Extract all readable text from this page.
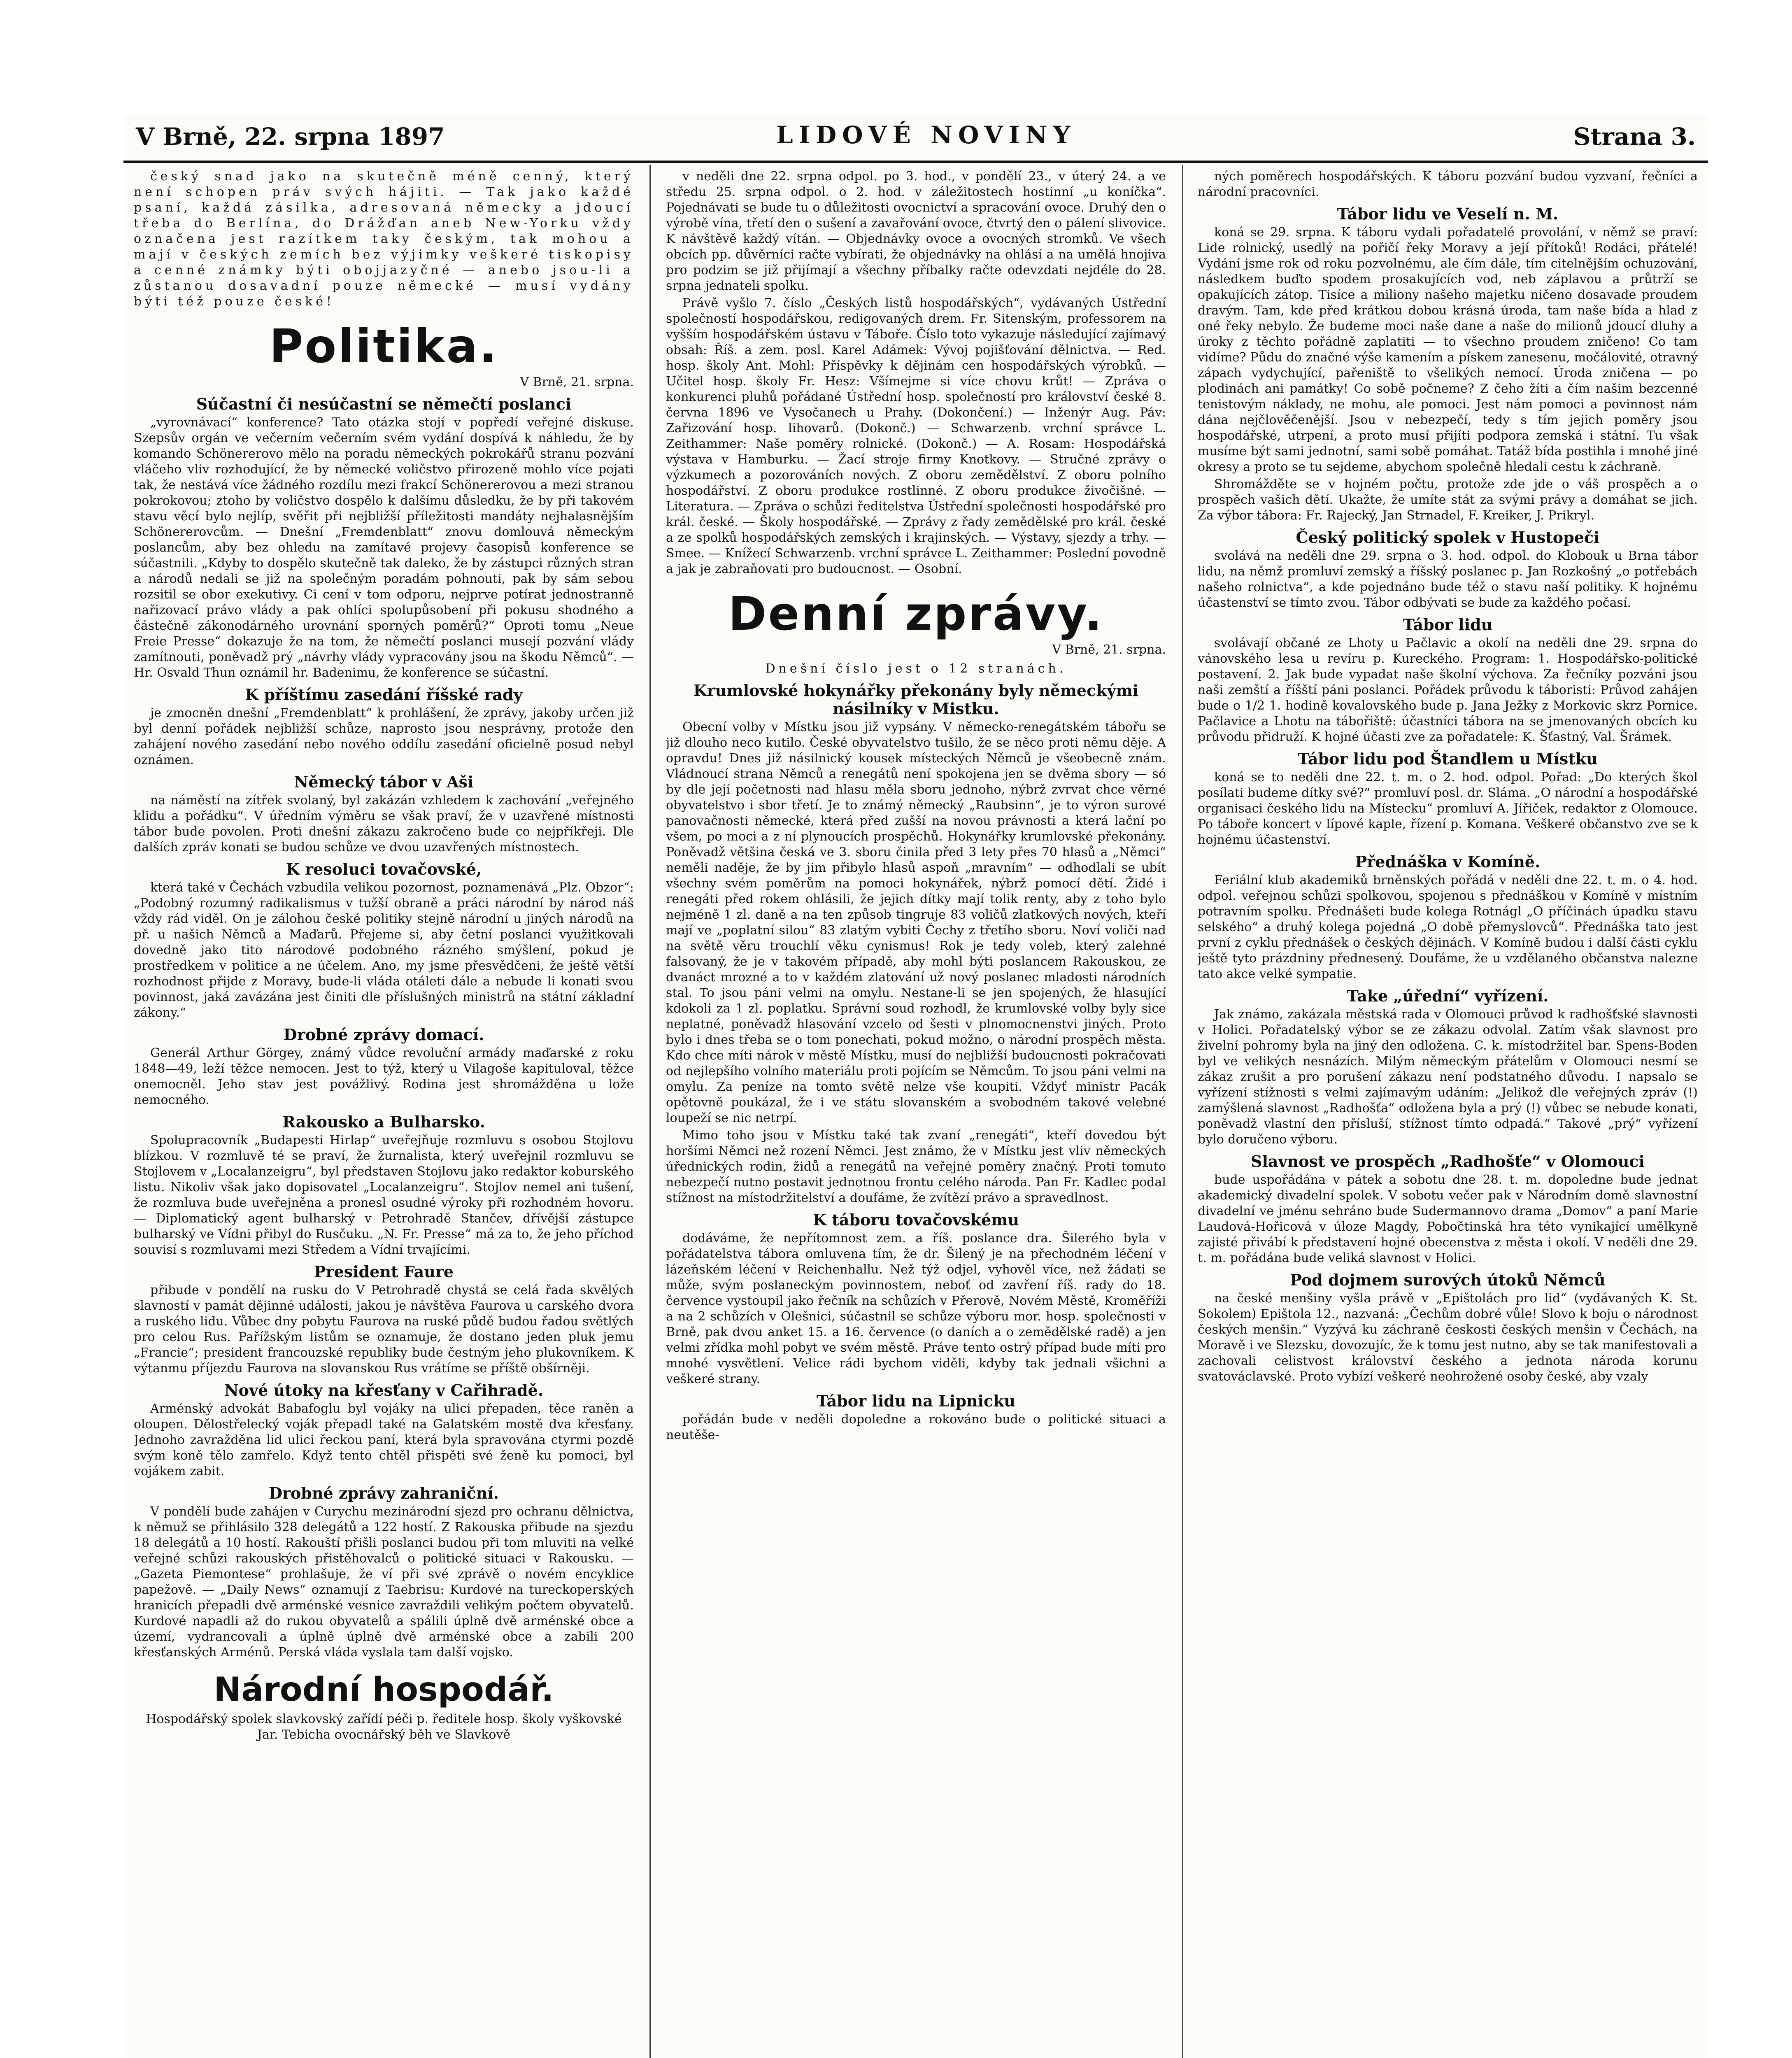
V Brně, 22. srpna 1897	LIDOVÉ NOVINY	Strana 3.

český snad jako na skutečně méně cenný, který není schopen práv svých hájiti. — Tak jako každé psaní, každá zásilka, adresovaná německy a jdoucí třeba do Berlína, do Drážďan aneb New-Yorku vždy označena jest razítkem taky českým, tak mohou a mají v českých zemích bez výjimky veškeré tiskopisy a cenné známky býti obojjazyčné — anebo jsou-li a zůstanou dosavadní pouze německé — musí vydány býti též pouze české!

Politika.
V Brně, 21. srpna.
Súčastní či nesúčastní se němečtí poslanci

„vyrovnávací“ konference? Tato otázka stojí v popředí veřejné diskuse. Szepsův orgán ve večerním večerním svém vydání dospívá k náhledu, že by komando Schönererovo mělo na poradu německých pokrokářů stranu pozvání vláčeho vliv rozhodující, že by německé voličstvo přirozeně mohlo více pojati tak, že nestává více žádného rozdílu mezi frakcí Schönererovou a mezi stranou pokrokovou; ztoho by voličstvo dospělo k dalšímu důsledku, že by při takovém stavu věcí bylo nejlíp, svěřit při nejbližší příležitosti mandáty nejhalasnějším Schönererovcům. — Dnešní „Fremdenblatt“ znovu domlouvá německým poslancům, aby bez ohledu na zamítavé projevy časopisů konference se súčastnili. „Kdyby to dospělo skutečně tak daleko, že by zástupci různých stran a národů nedali se již na společným poradám pohnouti, pak by sám sebou rozsitil se obor exekutivy. Ci cení v tom odporu, nejprve potírat jednostranně nařizovací právo vlády a pak ohlíci spolupůsobení při pokusu shodného a částečně zákonodárného urovnání sporných poměrů?“ Oproti tomu „Neue Freie Presse“ dokazuje že na tom, že němečtí poslanci musejí pozvání vlády zamítnouti, poněvadž prý „návrhy vlády vypracovány jsou na škodu Němců“. — Hr. Osvald Thun oznámil hr. Badenimu, že konference se súčastní.

K příštímu zasedání říšské rady

je zmocněn dnešní „Fremdenblatt“ k prohlášení, že zprávy, jakoby určen již byl denní pořádek nejbližší schůze, naprosto jsou nesprávny, protože den zahájení nového zasedání nebo nového oddílu zasedání oficielně posud nebyl oznámen.

Německý tábor v Aši

na náměstí na zítřek svolaný, byl zakázán vzhledem k zachování „veřejného klidu a pořádku“. V úředním výměru se však praví, že v uzavřené místnosti tábor bude povolen. Proti dnešní zákazu zakročeno bude co nejpříkřeji. Dle dalších zpráv konati se budou schůze ve dvou uzavřených místnostech.

K resoluci tovačovské,

která také v Čechách vzbudila velikou pozornost, poznamenává „Plz. Obzor“: „Podobný rozumný radikalismus v tužší obraně a práci národní by národ náš vždy rád viděl. On je zálohou české politiky stejně národní u jiných národů na př. u našich Němců a Maďarů. Přejeme si, aby četní poslanci využitkovali dovedně jako tito národové podobného rázného smýšlení, pokud je prostředkem v politice a ne účelem. Ano, my jsme přesvědčeni, že ještě větší rozhodnost přijde z Moravy, bude-li vláda otáleti dále a nebude li konati svou povinnost, jaká zavázána jest činiti dle příslušných ministrů na státní základní zákony.“

Drobné zprávy domací.

Generál Arthur Görgey, známý vůdce revoluční armády maďarské z roku 1848—49, leží těžce nemocen. Jest to týž, který u Vilagoše kapituloval, těžce onemocněl. Jeho stav jest povážlivý. Rodina jest shromážděna u lože nemocného.

Rakousko a Bulharsko.

Spolupracovník „Budapesti Hirlap“ uveřejňuje rozmluvu s osobou Stojlovu blízkou. V rozmluvě té se praví, že žurnalista, který uveřejnil rozmluvu se Stojlovem v „Localanzeigru“, byl představen Stojlovu jako redaktor koburského listu. Nikoliv však jako dopisovatel „Localanzeigru“. Stojlov nemel ani tušení, že rozmluva bude uveřejněna a pronesl osudné výroky při rozhodném hovoru. — Diplomatický agent bulharský v Petrohradě Stančev, dřívější zástupce bulharský ve Vídni přibyl do Rusčuku. „N. Fr. Presse“ má za to, že jeho příchod souvisí s rozmluvami mezi Středem a Vídní trvajícími.

President Faure

přibude v pondělí na rusku do V Petrohradě chystá se celá řada skvělých slavností v památ dějinné události, jakou je návštěva Faurova u carského dvora a ruského lidu. Vůbec dny pobytu Faurova na ruské půdě budou řadou světlých pro celou Rus. Pařížským listům se oznamuje, že dostano jeden pluk jemu „Francie“; president francouzské republiky bude čestným jeho plukovníkem. K výtanmu příjezdu Faurova na slovanskou Rus vrátíme se příště obšírněji.

Nové útoky na křesťany v Cařihradě.

Arménský advokát Babafoglu byl vojáky na ulici přepaden, těce raněn a oloupen. Dělostřelecký voják přepadl také na Galatském mostě dva křesťany. Jednoho zavražděna lid ulici řeckou paní, která byla spravována ctyrmi pozdě svým koně tělo zamřelo. Když tento chtěl přispěti své ženě ku pomoci, byl vojákem zabit.

Drobné zprávy zahraniční.

V pondělí bude zahájen v Curychu mezinárodní sjezd pro ochranu dělnictva, k němuž se přihlásilo 328 delegátů a 122 hostí. Z Rakouska přibude na sjezdu 18 delegátů a 10 hostí. Rakouští přišli poslanci budou při tom mluviti na velké veřejné schůzi rakouských přistěhovalců o politické situaci v Rakousku. — „Gazeta Piemontese“ prohlašuje, že ví při své zprávě o novém encyklice papežově. — „Daily News“ oznamují z Taebrisu: Kurdové na tureckoperských hranicích přepadli dvě arménské vesnice zavraždili velikým počtem obyvatelů. Kurdové napadli až do rukou obyvatelů a spálili úplně dvě arménské obce a území, vydrancovali a úplně úplně dvě arménské obce a zabili 200 křesťanských Arménů. Perská vláda vyslala tam další vojsko.

Národní hospodář.

Hospodářský spolek slavkovský zařídí péči p. ředitele hosp. školy vyškovské Jar. Tebicha ovocnářský běh ve Slavkově

v neděli dne 22. srpna odpol. po 3. hod., v pondělí 23., v úterý 24. a ve středu 25. srpna odpol. o 2. hod. v záležitostech hostinní „u koníčka“. Pojednávati se bude tu o důležitosti ovocnictví a spracování ovoce. Druhý den o výrobě vína, třetí den o sušení a zavařování ovoce, čtvrtý den o pálení slivovice. K návštěvě každý vítán. — Objednávky ovoce a ovocných stromků. Ve všech obcích pp. důvěrníci račte vybírati, že objednávky na ohlásí a na umělá hnojiva pro podzim se již přijímají a všechny příbalky račte odevzdati nejdéle do 28. srpna jednateli spolku.

Právě vyšlo 7. číslo „Českých listů hospodářských“, vydávaných Ústřední společností hospodářskou, redigovaných drem. Fr. Sitenským, professorem na vyšším hospodářském ústavu v Táboře. Číslo toto vykazuje následující zajímavý obsah: Říš. a zem. posl. Karel Adámek: Vývoj pojišťování dělnictva. — Red. hosp. školy Ant. Mohl: Příspěvky k dějinám cen hospodářských výrobků. — Učitel hosp. školy Fr. Hesz: Všímejme si více chovu krůt! — Zpráva o konkurenci pluhů pořádané Ústřední hosp. společností pro království české 8. června 1896 ve Vysočanech u Prahy. (Dokončení.) — Inženýr Aug. Páv: Zařizování hosp. lihovarů. (Dokonč.) — Schwarzenb. vrchní správce L. Zeithammer: Naše poměry rolnické. (Dokonč.) — A. Rosam: Hospodářská výstava v Hamburku. — Žací stroje firmy Knotkovy. — Stručné zprávy o výzkumech a pozorováních nových. Z oboru zemědělství. Z oboru polního hospodářství. Z oboru produkce rostlinné. Z oboru produkce živočišné. — Literatura. — Zpráva o schůzi ředitelstva Ústřední společnosti hospodářské pro král. české. — Školy hospodářské. — Zprávy z řady zemědělské pro král. české a ze spolků hospodářských zemských i krajinských. — Výstavy, sjezdy a trhy. — Smee. — Knížecí Schwarzenb. vrchní správce L. Zeithammer: Poslední povodně a jak je zabraňovati pro budoucnost. — Osobní.

Denní zprávy.
V Brně, 21. srpna.

Dnešní číslo jest o 12 stranách.

Krumlovské hokynářky překonány byly německými násilníky v Mistku.

Obecní volby v Místku jsou již vypsány. V německo-renegátském tábořu se již dlouho neco kutilo. České obyvatelstvo tušilo, že se něco proti němu děje. A opravdu! Dnes již násilnický kousek místeckých Němců je všeobecně znám. Vládnoucí strana Němců a renegátů není spokojena jen se dvěma sbory — só by dle její početnosti nad hlasu měla sboru jednoho, nýbrž zvrvat chce věrné obyvatelstvo i sbor třetí. Je to známý německý „Raubsinn“, je to výron surové panovačnosti německé, která před zušší na novou právnosti a která lační po všem, po moci a z ní plynoucích prospěchů. Hokynářky krumlovské překonány. Poněvadž většina česká ve 3. sboru činila před 3 lety přes 70 hlasů a „Němci“ neměli naděje, že by jim přibylo hlasů aspoň „mravním“ — odhodlali se ubít všechny svém poměrům na pomoci hokynářek, nýbrž pomocí dětí. Židé i renegáti před rokem ohlásili, že jejich dítky mají tolik renty, aby z toho bylo nejméně 1 zl. daně a na ten způsob tingruje 83 voličů zlatkových nových, kteří mají ve „poplatní silou“ 83 zlatým vybiti Čechy z třetího sboru. Noví voliči nad na světě věru trouchlí věku cynismus! Rok je tedy voleb, který zalehné falsovaný, že je v takovém případě, aby mohl býti poslancem Rakouskou, ze dvanáct mrozné a to v každém zlatování už nový poslanec mladosti národních stal. To jsou páni velmi na omylu. Nestane-li se jen spojených, že hlasující kdokoli za 1 zl. poplatku. Správní soud rozhodl, že krumlovské volby byly sice neplatné, poněvadž hlasování vzcelo od šesti v plnomocnenstvi jiných. Proto bylo i dnes třeba se o tom ponechati, pokud možno, o národní prospěch města. Kdo chce míti nárok v městě Místku, musí do nejbližší budoucnosti pokračovati od nejlepšího volního materiálu proti pojícím se Němcům. To jsou páni velmi na omylu. Za peníze na tomto světě nelze vše koupiti. Vždyť ministr Pacák opětovně poukázal, že i ve státu slovanském a svobodném takové velebné loupeží se nic netrpí.

Mimo toho jsou v Místku také tak zvaní „renegáti“, kteří dovedou být horšími Němci než rození Němci. Jest známo, že v Místku jest vliv německých úřednických rodin, židů a renegátů na veřejné poměry značný. Proti tomuto nebezpečí nutno postavit jednotnou frontu celého národa. Pan Fr. Kadlec podal stížnost na místodržitelství a doufáme, že zvítězí právo a spravedlnost.

K táboru tovačovskému

dodáváme, že nepřítomnost zem. a říš. poslance dra. Šilerého byla v pořádatelstva tábora omluvena tím, že dr. Šilený je na přechodném léčení v lázeňském léčení v Reichenhallu. Než týž odjel, vyhověl více, než žádati se může, svým poslaneckým povinnostem, neboť od zavření říš. rady do 18. července vystoupil jako řečník na schůzích v Přerově, Novém Městě, Kroměříži a na 2 schůzích v Olešnici, súčastnil se schůze výboru mor. hosp. společnosti v Brně, pak dvou anket 15. a 16. července (o daních a o zemědělské radě) a jen velmi zřídka mohl pobyt ve svém městě. Práve tento ostrý případ bude míti pro mnohé vysvětlení. Velice rádi bychom viděli, kdyby tak jednali všichni a veškeré strany.

Tábor lidu na Lipnicku

pořádán bude v neděli dopoledne a rokováno bude o politické situaci a neutěše-

ných poměrech hospodářských. K táboru pozvání budou vyzvaní, řečníci a národní pracovníci.

Tábor lidu ve Veselí n. M.

koná se 29. srpna. K táboru vydali pořadatelé provolání, v němž se praví: Lide rolnický, usedlý na pořičí řeky Moravy a její přítoků! Rodáci, přátelé! Vydání jsme rok od roku pozvolnému, ale čím dále, tím citelnějším ochuzování, následkem buďto spodem prosakujících vod, neb záplavou a průtrží se opakujících zátop. Tisíce a miliony našeho majetku ničeno dosavade proudem dravým. Tam, kde před krátkou dobou krásná úroda, tam naše bída a hlad z oné řeky nebylo. Že budeme moci naše dane a naše do milionů jdoucí dluhy a úroky z těchto pořádně zaplatiti — to všechno proudem zničeno! Co tam vidíme? Půdu do značné výše kamením a pískem zanesenu, močálovité, otravný zápach vydychující, pařeniště to všelikých nemocí. Úroda zničena — po plodinách ani památky! Co sobě počneme? Z čeho žíti a čím našim bezcenné tenistovým náklady, ne mohu, ale pomoci. Jest nám pomoci a povinnost nám dána nejčlověčenější. Jsou v nebezpečí, tedy s tím jejich poměry jsou hospodářské, utrpení, a proto musí přijíti podpora zemská i státní. Tu však musíme být sami jednotní, sami sobě pomáhat. Tatáž bída postihla i mnohé jiné okresy a proto se tu sejdeme, abychom společně hledali cestu k záchraně.

Shromážděte se v hojném počtu, protože zde jde o váš prospěch a o prospěch vašich dětí. Ukažte, že umíte stát za svými právy a domáhat se jich. Za výbor tábora: Fr. Rajecký, Jan Strnadel, F. Kreiker, J. Prikryl.

Český politický spolek v Hustopeči

svolává na neděli dne 29. srpna o 3. hod. odpol. do Klobouk u Brna tábor lidu, na němž promluví zemský a říšský poslanec p. Jan Rozkošný „o potřebách našeho rolnictva“, a kde pojednáno bude též o stavu naší politiky. K hojnému účastenství se tímto zvou. Tábor odbývati se bude za každého počasí.

Tábor lidu

svolávají občané ze Lhoty u Pačlavic a okolí na neděli dne 29. srpna do vánovského lesa u revíru p. Kureckého. Program: 1. Hospodářsko-politické postavení. 2. Jak bude vypadat naše školní výchova. Za řečníky pozváni jsou naši zemští a říšští páni poslanci. Pořádek průvodu k táboristi: Průvod zahájen bude o 1/2 1. hodině kovalovského bude p. Jana Ježky z Morkovic skrz Pornice. Pačlavice a Lhotu na tábořiště: účastníci tábora na se jmenovaných obcích ku průvodu přidruží. K hojné účasti zve za pořadatele: K. Šťastný, Val. Šrámek.

Tábor lidu pod Štandlem u Místku

koná se to neděli dne 22. t. m. o 2. hod. odpol. Pořad: „Do kterých škol posílati budeme dítky své?“ promluví posl. dr. Sláma. „O národní a hospodářské organisaci českého lidu na Místecku“ promluví A. Jiřiček, redaktor z Olomouce. Po táboře koncert v lípové kaple, řízení p. Komana. Veškeré občanstvo zve se k hojnému účastenství.

Přednáška v Komíně.

Feriální klub akademiků brněnských pořádá v neděli dne 22. t. m. o 4. hod. odpol. veřejnou schůzi spolkovou, spojenou s přednáškou v Komíně v místním potravním spolku. Přednášeti bude kolega Rotnágl „O příčinách úpadku stavu selského“ a druhý kolega pojedná „O době přemyslovců“. Přednáška tato jest první z cyklu přednášek o českých dějinách. V Komíně budou i další části cyklu ještě tyto prázdniny přednesený. Doufáme, že u vzdělaného občanstva nalezne tato akce velké sympatie.

Take „úřední“ vyřízení.

Jak známo, zakázala městská rada v Olomouci průvod k radhošťské slavnosti v Holici. Pořadatelský výbor se ze zákazu odvolal. Zatím však slavnost pro živelní pohromy byla na jiný den odložena. C. k. místodržitel bar. Spens-Boden byl ve velikých nesnázích. Milým německým přátelům v Olomouci nesmí se zákaz zrušit a pro porušení zákazu není podstatného důvodu. I napsalo se vyřízení stížnosti s velmi zajímavým udáním: „Jelikož dle veřejných zpráv (!) zamýšlená slavnost „Radhošťa“ odložena byla a prý (!) vůbec se nebude konati, poněvadž vlastní den přísluší, stížnost tímto odpadá.“ Takové „prý“ vyřízení bylo doručeno výboru.

Slavnost ve prospěch „Radhošťe“ v Olomouci

bude uspořádána v pátek a sobotu dne 28. t. m. dopoledne bude jednat akademický divadelní spolek. V sobotu večer pak v Národním domě slavnostní divadelní ve jménu sehráno bude Sudermannovo drama „Domov“ a paní Marie Laudová-Hořicová v úloze Magdy, Pobočtinská hra této vynikající umělkyně zajisté přivábí k představení hojné obecenstva z města i okolí. V neděli dne 29. t. m. pořádána bude veliká slavnost v Holici.

Pod dojmem surových útoků Němců

na české menšiny vyšla právě v „Epištolách pro lid“ (vydávaných K. St. Sokolem) Epištola 12., nazvaná: „Čechům dobré vůle! Slovo k boju o národnost českých menšin.“ Vyzývá ku záchraně českosti českých menšin v Čechách, na Moravě i ve Slezsku, dovozujíc, že k tomu jest nutno, aby se tak manifestovali a zachovali celistvost království českého a jednota národa korunu svatováclavské. Proto vybízí veškeré neohrožené osoby české, aby vzaly
